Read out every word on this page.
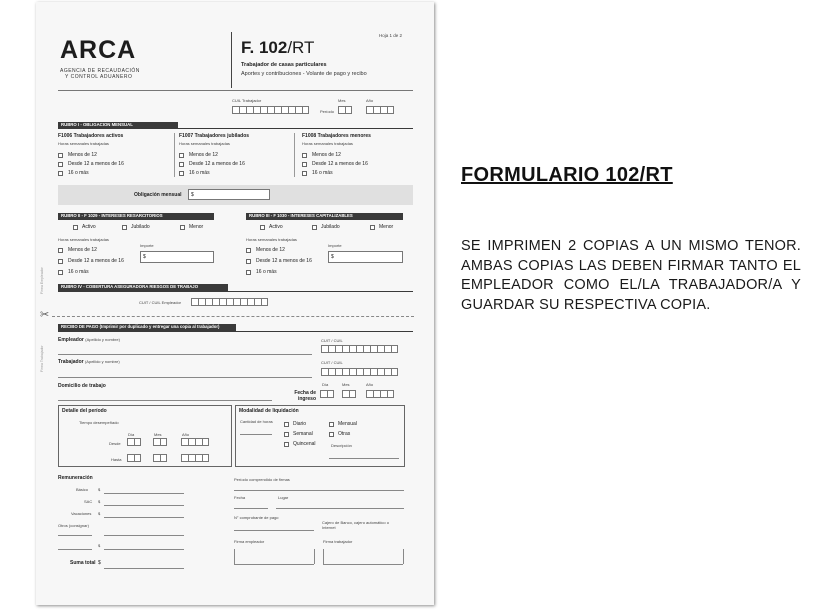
ARCA
AGENCIA DE RECAUDACIÓN
Y CONTROL ADUANERO
F. 102/RT
Trabajador de casas particulares
Aportes y contribuciones - Volante de pago y recibo
Hoja 1 de 2
CUIL Trabajador
Período
Mes	Año
RUBRO I - OBLIGACION MENSUAL
F1006 Trabajadores activos
Horas semanales trabajadas
Menos de 12
Desde 12 a menos de 16
16 o más
F1007 Trabajadores jubilados
Horas semanales trabajadas
Menos de 12
Desde 12 a menos de 16
16 o más
F1008 Trabajadores menores
Horas semanales trabajadas
Menos de 12
Desde 12 a menos de 16
16 o más
Obligación mensual $
RUBRO II - F 1029 - INTERESES RESARCITORIOS	RUBRO III - F 1030 - INTERESES CAPITALIZABLES
Activo	Jubilado	Menor	Activo	Jubilado	Menor
Horas semanales trabajadas
Menos de 12
Desde 12 a menos de 16
16 o más
Importe
$
Horas semanales trabajadas
Menos de 12
Desde 12 a menos de 16
16 o más
Importe
$
RUBRO IV - COBERTURA ASEGURADORA RIESGOS DE TRABAJO
CUIT / CUIL Empleador
✂
Firma Empleador
Firma Trabajador
RECIBO DE PAGO (Imprimir por duplicado y entregar una copia al trabajador)
Empleador (Apellido y nombre)	CUIT / CUIL
Trabajador (Apellido y nombre)	CUIT / CUIL
Domicilio de trabajo	Día	Mes	Año
Fecha de ingreso
Detalle del período
Tiempo desempeñado
Día	Mes	Año
Desde
Hasta
Modalidad de liquidación
Cantidad de horas	Diario
Semanal
Quincenal
Mensual
Otras
Descripción
Remuneración
Básico $
SAC $
Vacaciones $
Otros (consignar)
$
Suma total $
Período comprendido de firmas
Fecha	Lugar
N° comprobante de pago
Cajero de Banco, cajero automático o Internet
Firma empleador	Firma trabajador
FORMULARIO 102/RT
SE IMPRIMEN 2 COPIAS A UN MISMO TENOR. AMBAS COPIAS LAS DEBEN FIRMAR TANTO EL EMPLEADOR COMO EL/LA TRABAJADOR/A Y GUARDAR SU RESPECTIVA COPIA.
